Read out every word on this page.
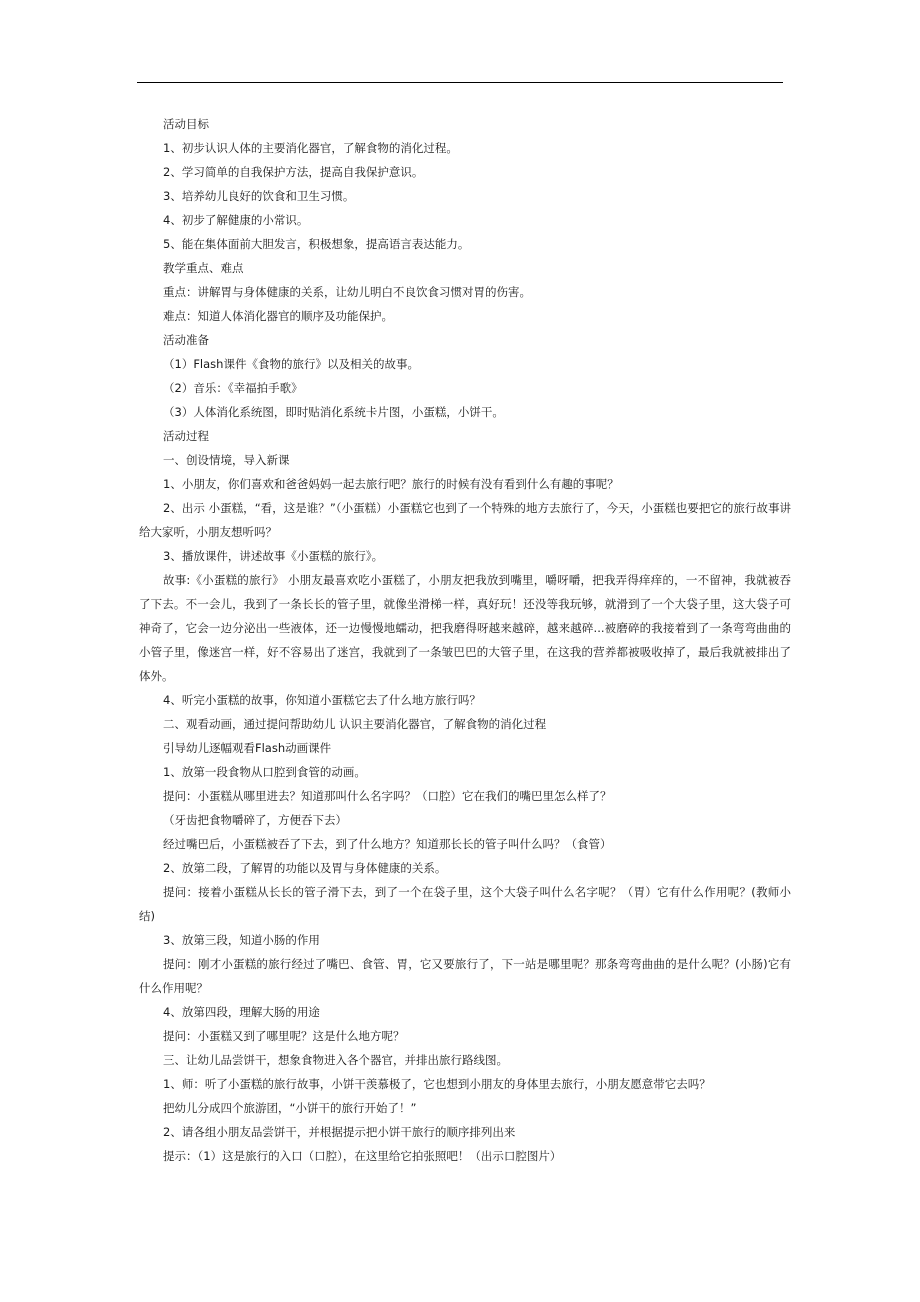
活动目标

1、初步认识人体的主要消化器官，了解食物的消化过程。

2、学习简单的自我保护方法，提高自我保护意识。

3、培养幼儿良好的饮食和卫生习惯。

4、初步了解健康的小常识。

5、能在集体面前大胆发言，积极想象，提高语言表达能力。

教学重点、难点

重点：讲解胃与身体健康的关系，让幼儿明白不良饮食习惯对胃的伤害。

难点：知道人体消化器官的顺序及功能保护。

活动准备

（1）Flash课件《食物的旅行》以及相关的故事。

（2）音乐：《幸福拍手歌》

（3）人体消化系统图，即时贴消化系统卡片图，小蛋糕，小饼干。

活动过程

一、创设情境，导入新课

1、小朋友，你们喜欢和爸爸妈妈一起去旅行吧？旅行的时候有没有看到什么有趣的事呢？

2、出示 小蛋糕，“看，这是谁？”（小蛋糕）小蛋糕它也到了一个特殊的地方去旅行了，今天，小蛋糕也要把它的旅行故事讲给大家听，小朋友想听吗？

3、播放课件，讲述故事《小蛋糕的旅行》。

故事:《小蛋糕的旅行》 小朋友最喜欢吃小蛋糕了，小朋友把我放到嘴里，嚼呀嚼，把我弄得痒痒的，一不留神，我就被吞了下去。不一会儿，我到了一条长长的管子里，就像坐滑梯一样，真好玩！还没等我玩够，就滑到了一个大袋子里，这大袋子可神奇了，它会一边分泌出一些液体，还一边慢慢地蠕动，把我磨得呀越来越碎，越来越碎...被磨碎的我接着到了一条弯弯曲曲的小管子里，像迷宫一样，好不容易出了迷宫，我就到了一条皱巴巴的大管子里，在这我的营养都被吸收掉了，最后我就被排出了体外。

4、听完小蛋糕的故事，你知道小蛋糕它去了什么地方旅行吗？

二、观看动画，通过提问帮助幼儿 认识主要消化器官，了解食物的消化过程

引导幼儿逐幅观看Flash动画课件

1、放第一段食物从口腔到食管的动画。

提问：小蛋糕从哪里进去？知道那叫什么名字吗？（口腔）它在我们的嘴巴里怎么样了？

（牙齿把食物嚼碎了，方便吞下去）

经过嘴巴后，小蛋糕被吞了下去，到了什么地方？知道那长长的管子叫什么吗？（食管）

2、放第二段，了解胃的功能以及胃与身体健康的关系。

提问：接着小蛋糕从长长的管子滑下去，到了一个在袋子里，这个大袋子叫什么名字呢？（胃）它有什么作用呢？(教师小结)

3、放第三段，知道小肠的作用

提问：刚才小蛋糕的旅行经过了嘴巴、食管、胃，它又要旅行了，下一站是哪里呢？那条弯弯曲曲的是什么呢？(小肠)它有什么作用呢？

4、放第四段，理解大肠的用途

提问：小蛋糕又到了哪里呢？这是什么地方呢？

三、让幼儿品尝饼干，想象食物进入各个器官，并排出旅行路线图。

1、师：听了小蛋糕的旅行故事，小饼干羡慕极了，它也想到小朋友的身体里去旅行，小朋友愿意带它去吗？

把幼儿分成四个旅游团，“小饼干的旅行开始了！”

2、请各组小朋友品尝饼干，并根据提示把小饼干旅行的顺序排列出来

提示：（1）这是旅行的入口（口腔），在这里给它拍张照吧！（出示口腔图片）
